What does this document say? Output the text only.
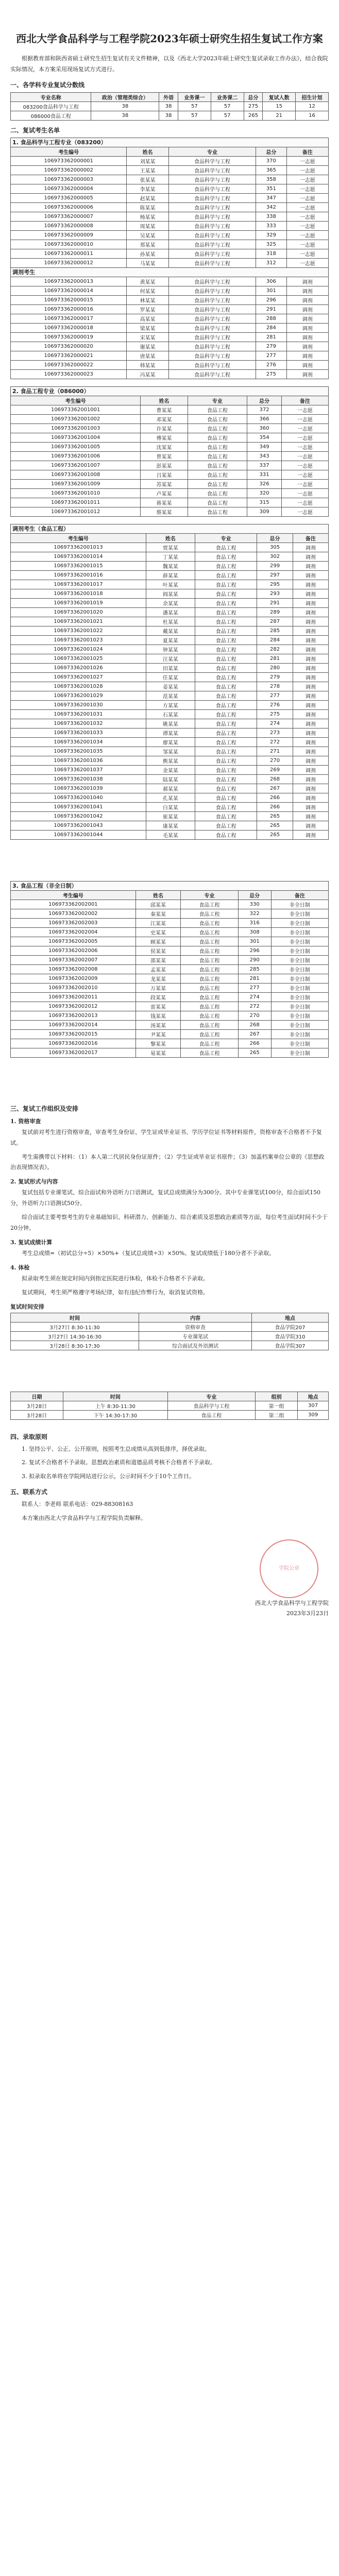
西北大学食品科学与工程学院2023年硕士研究生招生复试工作方案

根据教育部和陕西省硕士研究生招生复试有关文件精神，以及《西北大学2023年硕士研究生复试录取工作办法》，结合我院实际情况，本方案采用现场复试方式进行。

一、各学科专业复试分数线
专业名称	政治（管理类综合）	外语	业务课一	业务课二	总分	复试人数	招生计划
083200食品科学与工程	38	38	57	57	275	15	12
086000食品工程	38	38	57	57	265	21	16
二、复试考生名单
1. 食品科学与工程专业（083200）				
考生编号	姓名	专业	总分	备注
106973362000001	刘某某	食品科学与工程	370	一志愿
106973362000002	王某某	食品科学与工程	365	一志愿
106973362000003	张某某	食品科学与工程	358	一志愿
106973362000004	李某某	食品科学与工程	351	一志愿
106973362000005	赵某某	食品科学与工程	347	一志愿
106973362000006	陈某某	食品科学与工程	342	一志愿
106973362000007	杨某某	食品科学与工程	338	一志愿
106973362000008	周某某	食品科学与工程	333	一志愿
106973362000009	吴某某	食品科学与工程	329	一志愿
106973362000010	郑某某	食品科学与工程	325	一志愿
106973362000011	孙某某	食品科学与工程	318	一志愿
106973362000012	马某某	食品科学与工程	312	一志愿
调剂考生				
106973362000013	黄某某	食品科学与工程	306	调剂
106973362000014	何某某	食品科学与工程	301	调剂
106973362000015	林某某	食品科学与工程	296	调剂
106973362000016	罗某某	食品科学与工程	291	调剂
106973362000017	高某某	食品科学与工程	288	调剂
106973362000018	梁某某	食品科学与工程	284	调剂
106973362000019	宋某某	食品科学与工程	281	调剂
106973362000020	谢某某	食品科学与工程	279	调剂
106973362000021	唐某某	食品科学与工程	277	调剂
106973362000022	韩某某	食品科学与工程	276	调剂
106973362000023	冯某某	食品科学与工程	275	调剂
2. 食品工程专业（086000）				
考生编号	姓名	专业	总分	备注
106973362001001	曹某某	食品工程	372	一志愿
106973362001002	邓某某	食品工程	366	一志愿
106973362001003	许某某	食品工程	360	一志愿
106973362001004	傅某某	食品工程	354	一志愿
106973362001005	沈某某	食品工程	349	一志愿
106973362001006	曾某某	食品工程	343	一志愿
106973362001007	彭某某	食品工程	337	一志愿
106973362001008	吕某某	食品工程	331	一志愿
106973362001009	苏某某	食品工程	326	一志愿
106973362001010	卢某某	食品工程	320	一志愿
106973362001011	蒋某某	食品工程	315	一志愿
106973362001012	蔡某某	食品工程	309	一志愿
调剂考生（食品工程）				
考生编号	姓名	专业	总分	备注
106973362001013	贾某某	食品工程	305	调剂
106973362001014	丁某某	食品工程	302	调剂
106973362001015	魏某某	食品工程	299	调剂
106973362001016	薛某某	食品工程	297	调剂
106973362001017	叶某某	食品工程	295	调剂
106973362001018	阎某某	食品工程	293	调剂
106973362001019	余某某	食品工程	291	调剂
106973362001020	潘某某	食品工程	289	调剂
106973362001021	杜某某	食品工程	287	调剂
106973362001022	戴某某	食品工程	285	调剂
106973362001023	夏某某	食品工程	284	调剂
106973362001024	钟某某	食品工程	282	调剂
106973362001025	汪某某	食品工程	281	调剂
106973362001026	田某某	食品工程	280	调剂
106973362001027	任某某	食品工程	279	调剂
106973362001028	姜某某	食品工程	278	调剂
106973362001029	范某某	食品工程	277	调剂
106973362001030	方某某	食品工程	276	调剂
106973362001031	石某某	食品工程	275	调剂
106973362001032	姚某某	食品工程	274	调剂
106973362001033	谭某某	食品工程	273	调剂
106973362001034	廖某某	食品工程	272	调剂
106973362001035	邹某某	食品工程	271	调剂
106973362001036	熊某某	食品工程	270	调剂
106973362001037	金某某	食品工程	269	调剂
106973362001038	陆某某	食品工程	268	调剂
106973362001039	郝某某	食品工程	267	调剂
106973362001040	孔某某	食品工程	266	调剂
106973362001041	白某某	食品工程	266	调剂
106973362001042	崔某某	食品工程	265	调剂
106973362001043	康某某	食品工程	265	调剂
106973362001044	毛某某	食品工程	265	调剂
3. 食品工程（非全日制）				
考生编号	姓名	专业	总分	备注
106973362002001	邱某某	食品工程	330	非全日制
106973362002002	秦某某	食品工程	322	非全日制
106973362002003	江某某	食品工程	316	非全日制
106973362002004	史某某	食品工程	308	非全日制
106973362002005	顾某某	食品工程	301	非全日制
106973362002006	侯某某	食品工程	296	非全日制
106973362002007	邵某某	食品工程	290	非全日制
106973362002008	孟某某	食品工程	285	非全日制
106973362002009	龙某某	食品工程	281	非全日制
106973362002010	万某某	食品工程	277	非全日制
106973362002011	段某某	食品工程	274	非全日制
106973362002012	雷某某	食品工程	272	非全日制
106973362002013	钱某某	食品工程	270	非全日制
106973362002014	汤某某	食品工程	268	非全日制
106973362002015	尹某某	食品工程	267	非全日制
106973362002016	黎某某	食品工程	266	非全日制
106973362002017	易某某	食品工程	265	非全日制
三、复试工作组织及安排
1. 资格审查

复试前对考生进行资格审查，审查考生身份证、学生证或毕业证书、学历学位证书等材料原件，资格审查不合格者不予复试。

考生需携带以下材料：（1）本人第二代居民身份证原件；（2）学生证或毕业证书原件；（3）加盖档案单位公章的《思想政治表现情况表》。

2. 复试形式与内容

复试包括专业课笔试、综合面试和外语听力口语测试，复试总成绩满分为300分。其中专业课笔试100分，综合面试150分，外语听力口语测试50分。

综合面试主要考察考生的专业基础知识、科研潜力、创新能力、综合素质及思想政治素质等方面，每位考生面试时间不少于20分钟。

3. 复试成绩计算

考生总成绩=（初试总分÷5）×50%+（复试总成绩÷3）×50%。复试成绩低于180分者不予录取。

4. 体检

拟录取考生须在规定时间内到指定医院进行体检，体检不合格者不予录取。

复试期间，考生须严格遵守考场纪律，如有违纪作弊行为，取消复试资格。

复试时间安排
时间	内容	地点
3月27日 8:30-11:30	资格审查	食品学院207
3月27日 14:30-16:30	专业课笔试	食品学院310
3月28日 8:30-17:30	综合面试及外语测试	食品学院307
日期	时间	专业	组别	地点
3月28日	上午 8:30-11:30	食品科学与工程	第一组	307
3月28日	下午 14:30-17:30	食品工程	第二组	309
四、录取原则

1. 坚持公平、公正、公开原则，按照考生总成绩从高到低排序，择优录取。

2. 复试不合格者不予录取。思想政治素质和道德品质考核不合格者不予录取。

3. 拟录取名单将在学院网站进行公示，公示时间不少于10个工作日。

五、联系方式

联系人：李老师 联系电话：029-88308163

本方案由西北大学食品科学与工程学院负责解释。

学院公章
西北大学食品科学与工程学院
2023年3月23日
